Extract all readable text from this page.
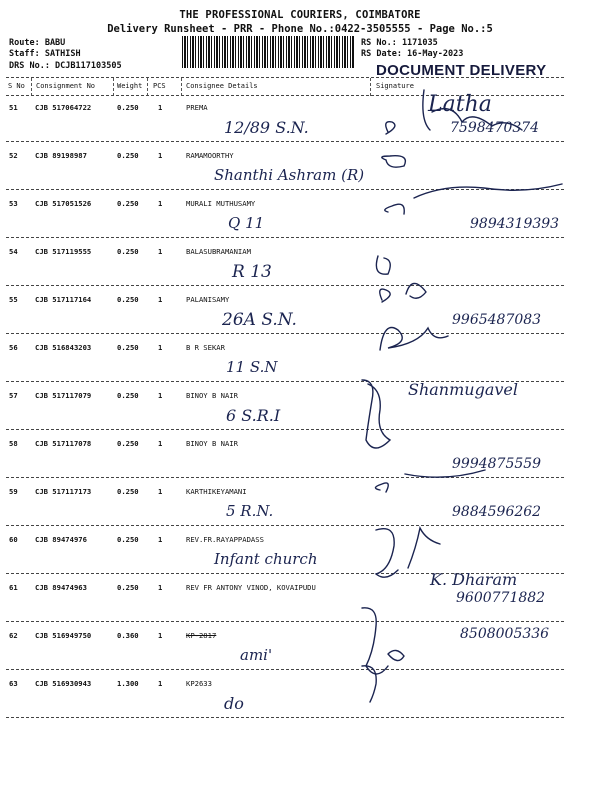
THE PROFESSIONAL COURIERS, COIMBATORE
Delivery Runsheet - PRR - Phone No.:0422-3505555 - Page No.:5
Route: BABU
Staff: SATHISH
DRS No.: DCJB117103505
RS No.: 1171035
RS Date: 16-May-2023
DOCUMENT DELIVERY
S No Consignment No	Weight PCS	Consignee Details	Signature
51 CJB 517064722	0.250	1	PREMA
12/89 S.N.
Latha
7598470374
52 CJB 89198987	0.250	1	RAMAMOORTHY
Shanthi Ashram (R)
53 CJB 517051526	0.250	1	MURALI MUTHUSAMY
Q 11	9894319393
54 CJB 517119555	0.250	1	BALASUBRAMANIAM
R 13
55 CJB 517117164	0.250	1	PALANISAMY
26A S.N.	9965487083
56 CJB 516843203	0.250	1	B R SEKAR
11 S.N
57 CJB 517117079	0.250	1	BINOY B NAIR
6 S.R.I
Shanmugavel
58 CJB 517117078	0.250	1	BINOY B NAIR
9994875559
59 CJB 517117173	0.250	1	KARTHIKEYAMANI
5 R.N.	9884596262
60 CJB 89474976	0.250	1	REV.FR.RAYAPPADASS
Infant church
61 CJB 89474963	0.250	1	REV FR ANTONY VINOD, KOVAIPUDU	K. Dharam
9600771882
62 CJB 516949750	0.360	1	KP-2817
ami'
8508005336
63 CJB 516930943	1.300	1	KP2633
do
